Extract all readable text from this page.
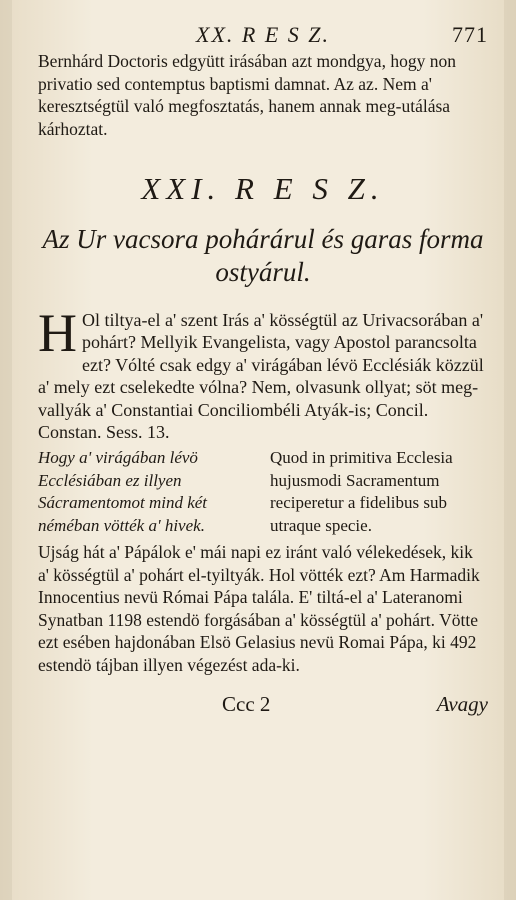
XX. R E S Z.	771

Bernhárd Doctoris edgyütt irásában azt mondgya, hogy non privatio sed contemptus baptismi damnat. Az az. Nem a' keresztségtül való megfosztatás, hanem annak meg-utálása kárhoztat.

XXI. R E S Z.
Az Ur vacsora pohárárul és garas forma ostyárul.
H Ol tiltya-el a' szent Irás a' kösségtül az Urivacsorában a' pohárt? Mellyik Evangelista, vagy Apostol parancsolta ezt? Vólté csak edgy a' virágában lévö Ecclésiák közzül a' mely ezt cselekedte vólna? Nem, olvasunk ollyat; söt meg-vallyák a' Constantiai Conciliombéli Atyák-is; Concil. Constan. Sess. 13.
Hogy a' virágában lévö Ecclésiában ez illyen Sácramentomot mind két néméban vötték a' hivek.
Quod in primitiva Ecclesia hujusmodi Sacramentum reciperetur a fidelibus sub utraque specie.

Ujság hát a' Pápálok e' mái napi ez iránt való vélekedések, kik a' kösségtül a' pohárt el-tyiltyák. Hol vötték ezt? Am Harmadik Innocentius nevü Római Pápa talála. E' tiltá-el a' Lateranomi Synatban 1198 estendö forgásában a' kösségtül a' pohárt. Vötte ezt esében hajdonában Elsö Gelasius nevü Romai Pápa, ki 492 estendö tájban illyen végezést ada-ki.

Ccc 2	Avagy
